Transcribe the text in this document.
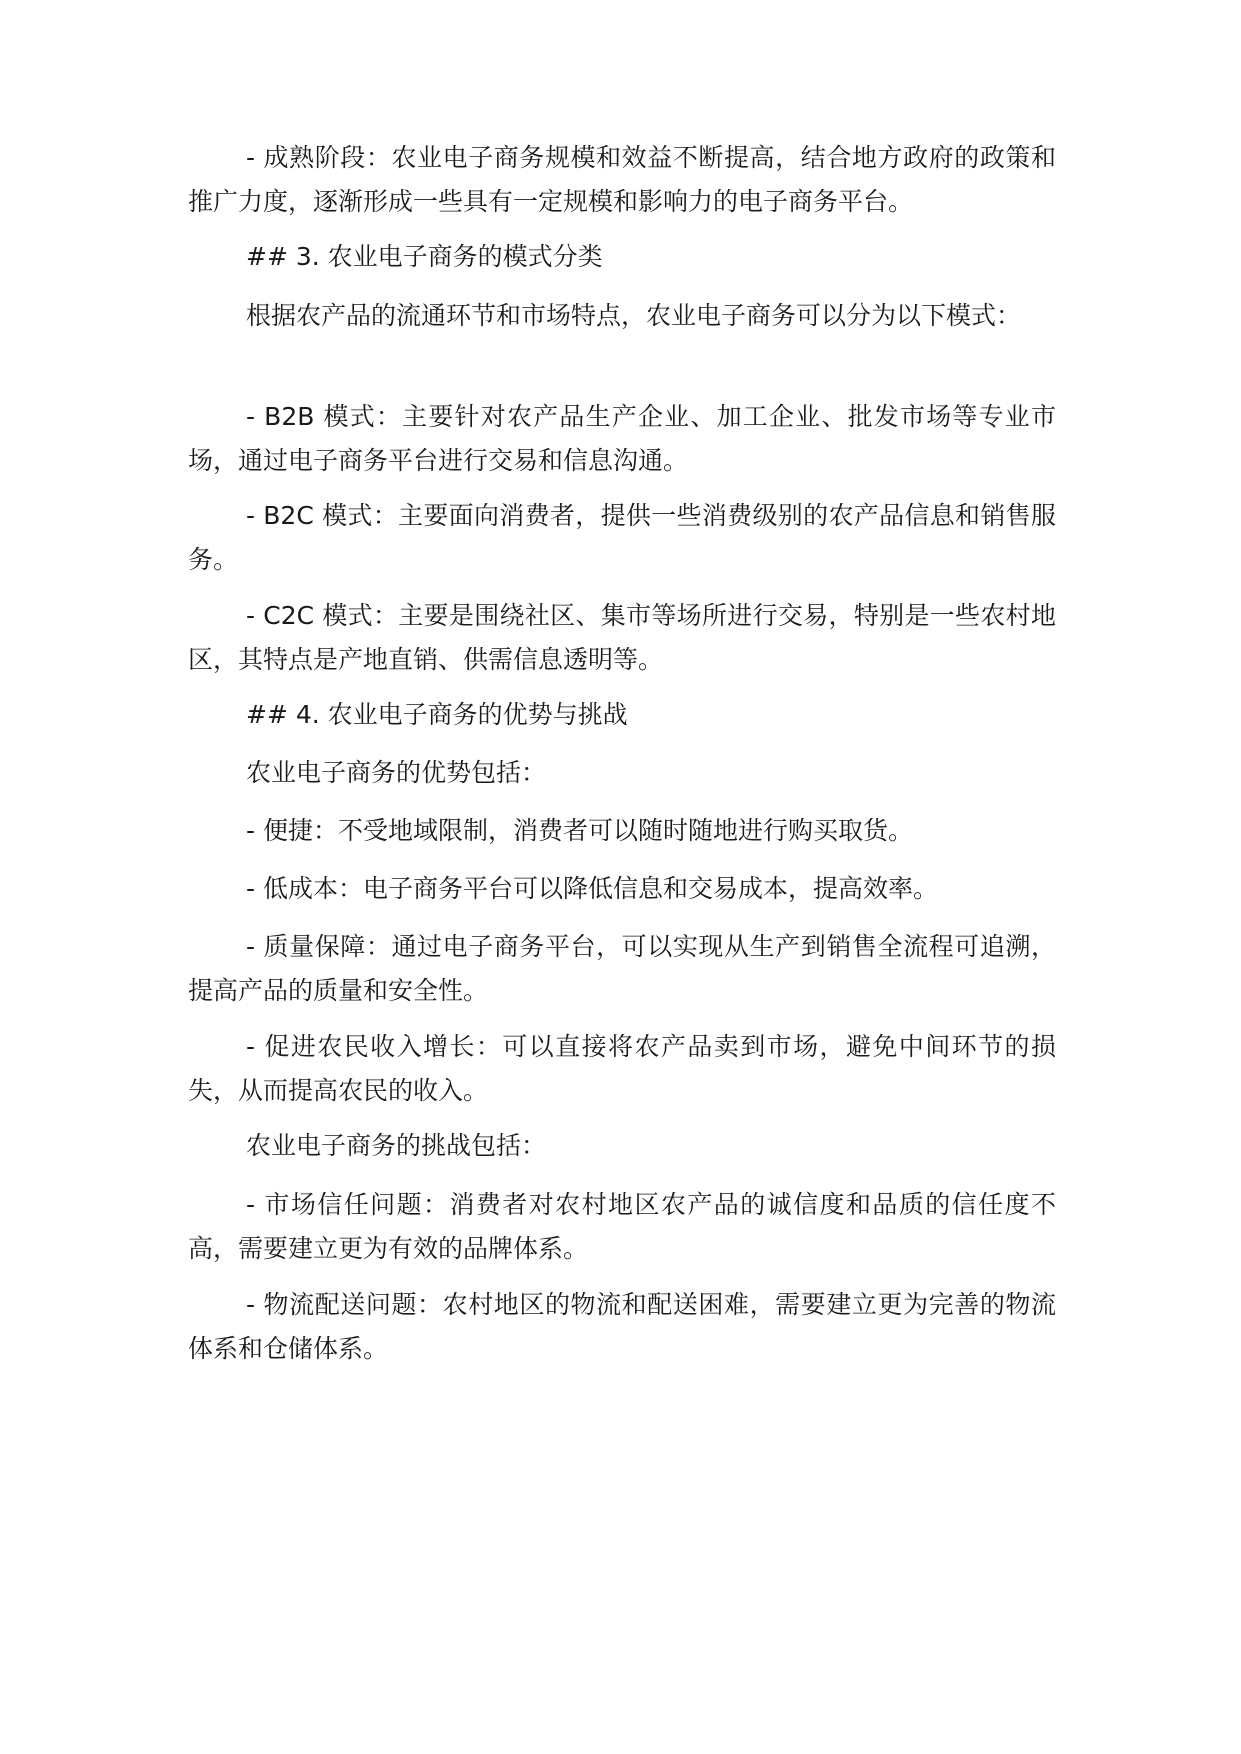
- 成熟阶段：农业电子商务规模和效益不断提高，结合地方政府的政策和推广力度，逐渐形成一些具有一定规模和影响力的电子商务平台。

## 3. 农业电子商务的模式分类

根据农产品的流通环节和市场特点，农业电子商务可以分为以下模式：

- B2B 模式：主要针对农产品生产企业、加工企业、批发市场等专业市场，通过电子商务平台进行交易和信息沟通。

- B2C 模式：主要面向消费者，提供一些消费级别的农产品信息和销售服务。

- C2C 模式：主要是围绕社区、集市等场所进行交易，特别是一些农村地区，其特点是产地直销、供需信息透明等。

## 4. 农业电子商务的优势与挑战

农业电子商务的优势包括：

- 便捷：不受地域限制，消费者可以随时随地进行购买取货。

- 低成本：电子商务平台可以降低信息和交易成本，提高效率。

- 质量保障：通过电子商务平台，可以实现从生产到销售全流程可追溯，提高产品的质量和安全性。

- 促进农民收入增长：可以直接将农产品卖到市场，避免中间环节的损失，从而提高农民的收入。

农业电子商务的挑战包括：

- 市场信任问题：消费者对农村地区农产品的诚信度和品质的信任度不高，需要建立更为有效的品牌体系。

- 物流配送问题：农村地区的物流和配送困难，需要建立更为完善的物流体系和仓储体系。
